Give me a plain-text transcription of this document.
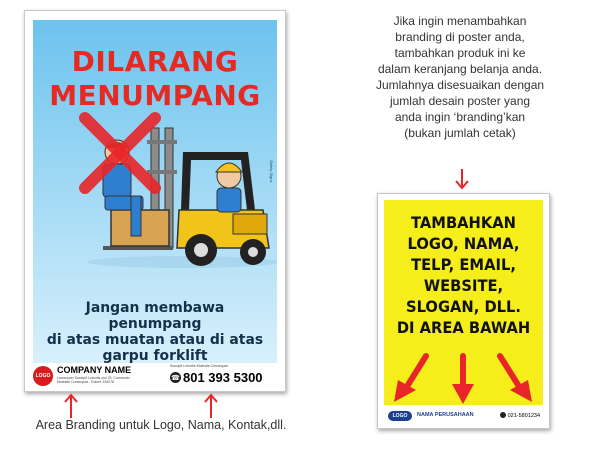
DILARANG
MENUMPANG
Safety Signs
Jangan membawa penumpang
di atas muatan atau di atas
garpu forklift
LOGO
COMPANY NAME
Lamcorper Suscipit Lobortis nisl 23, Commodo
Molestie Consequat - Dolore 230076
Suscipit Lobortis Molestie Consequat
☎ 801 393 5300
Area Branding untuk Logo, Nama, Kontak,dll.
Jika ingin menambahkan
branding di poster anda,
tambahkan produk ini ke
dalam keranjang belanja anda.
Jumlahnya disesuaikan dengan
jumlah desain poster yang
anda ingin ‘branding’kan
(bukan jumlah cetak)
TAMBAHKAN
LOGO, NAMA,
TELP, EMAIL,
WEBSITE,
SLOGAN, DLL.
DI AREA BAWAH
LOGO	NAMA PERUSAHAAN	021-5801234
